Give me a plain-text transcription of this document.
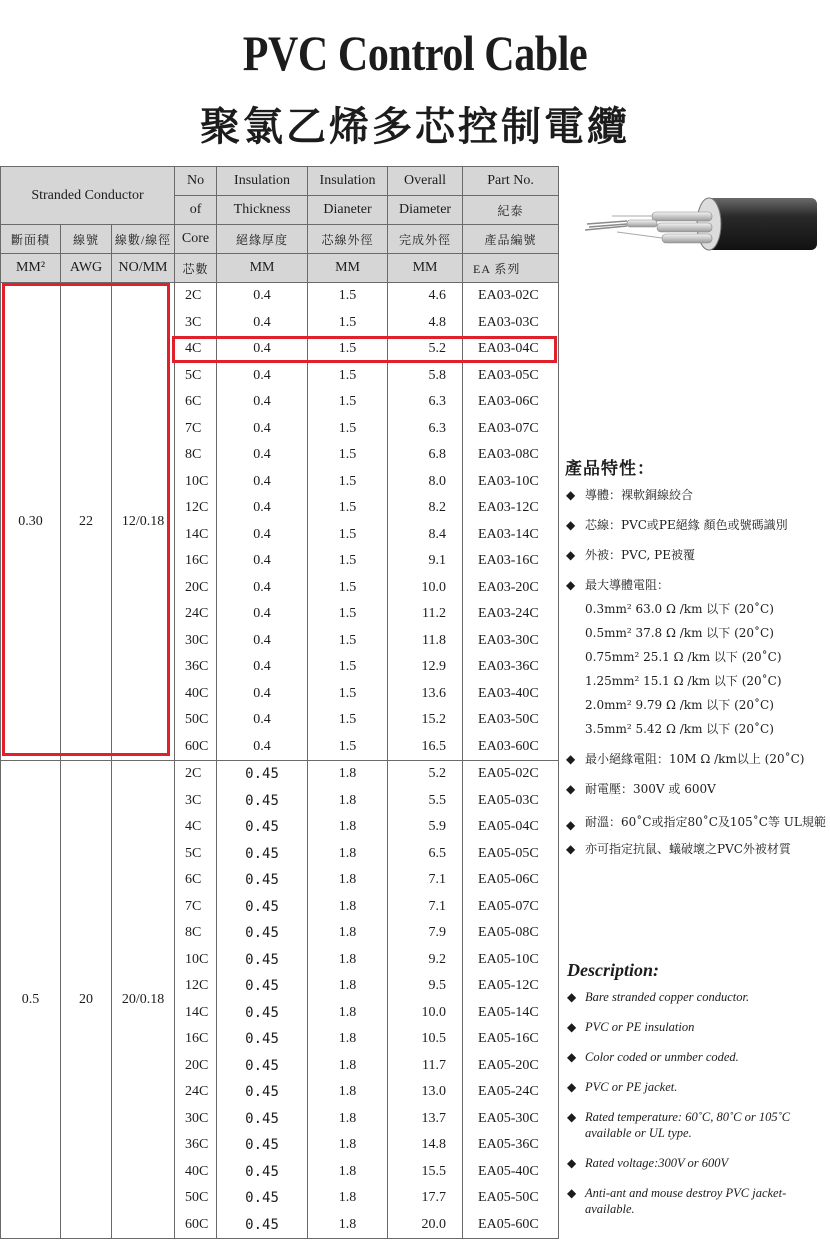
PVC Control Cable
聚氯乙烯多芯控制電纜
Stranded Conductor			No	Insulation	Insulation	Overall	Part No.
			of	Thickness	Dianeter	Diameter	紀泰
斷面積	線號	線數/線徑	Core	絕緣厚度	芯線外徑	完成外徑	產品編號
MM²	AWG	NO/MM	芯數	MM	MM	MM	EA 系列
0.30	22	12/0.18	2C	0.4	1.5	4.6	EA03-02C
			3C	0.4	1.5	4.8	EA03-03C
			4C	0.4	1.5	5.2	EA03-04C
			5C	0.4	1.5	5.8	EA03-05C
			6C	0.4	1.5	6.3	EA03-06C
			7C	0.4	1.5	6.3	EA03-07C
			8C	0.4	1.5	6.8	EA03-08C
			10C	0.4	1.5	8.0	EA03-10C
			12C	0.4	1.5	8.2	EA03-12C
			14C	0.4	1.5	8.4	EA03-14C
			16C	0.4	1.5	9.1	EA03-16C
			20C	0.4	1.5	10.0	EA03-20C
			24C	0.4	1.5	11.2	EA03-24C
			30C	0.4	1.5	11.8	EA03-30C
			36C	0.4	1.5	12.9	EA03-36C
			40C	0.4	1.5	13.6	EA03-40C
			50C	0.4	1.5	15.2	EA03-50C
			60C	0.4	1.5	16.5	EA03-60C
0.5	20	20/0.18	2C	0.45	1.8	5.2	EA05-02C
			3C	0.45	1.8	5.5	EA05-03C
			4C	0.45	1.8	5.9	EA05-04C
			5C	0.45	1.8	6.5	EA05-05C
			6C	0.45	1.8	7.1	EA05-06C
			7C	0.45	1.8	7.1	EA05-07C
			8C	0.45	1.8	7.9	EA05-08C
			10C	0.45	1.8	9.2	EA05-10C
			12C	0.45	1.8	9.5	EA05-12C
			14C	0.45	1.8	10.0	EA05-14C
			16C	0.45	1.8	10.5	EA05-16C
			20C	0.45	1.8	11.7	EA05-20C
			24C	0.45	1.8	13.0	EA05-24C
			30C	0.45	1.8	13.7	EA05-30C
			36C	0.45	1.8	14.8	EA05-36C
			40C	0.45	1.8	15.5	EA05-40C
			50C	0.45	1.8	17.7	EA05-50C
			60C	0.45	1.8	20.0	EA05-60C
產品特性：
◆ 導體：裸軟銅線絞合
◆ 芯線：PVC或PE絕緣 顏色或號碼識別
◆ 外被：PVC, PE被覆
◆ 最大導體電阻：
0.3mm² 63.0 Ω /km 以下 (20˚C)
0.5mm² 37.8 Ω /km 以下 (20˚C)
0.75mm² 25.1 Ω /km 以下 (20˚C)
1.25mm² 15.1 Ω /km 以下 (20˚C)
2.0mm² 9.79 Ω /km 以下 (20˚C)
3.5mm² 5.42 Ω /km 以下 (20˚C)
◆ 最小絕緣電阻：10M Ω /km以上 (20˚C)
◆ 耐電壓：300V 或 600V
◆ 耐溫：60˚C或指定80˚C及105˚C等 UL規範
◆ 亦可指定抗鼠、蟻破壞之PVC外被材質
Description:
◆ Bare stranded copper conductor.
◆ PVC or PE insulation
◆ Color coded or unmber coded.
◆ PVC or PE jacket.
◆ Rated temperature: 60˚C, 80˚C or 105˚C available or UL type.
◆ Rated voltage:300V or 600V
◆ Anti-ant and mouse destroy PVC jacket-available.
